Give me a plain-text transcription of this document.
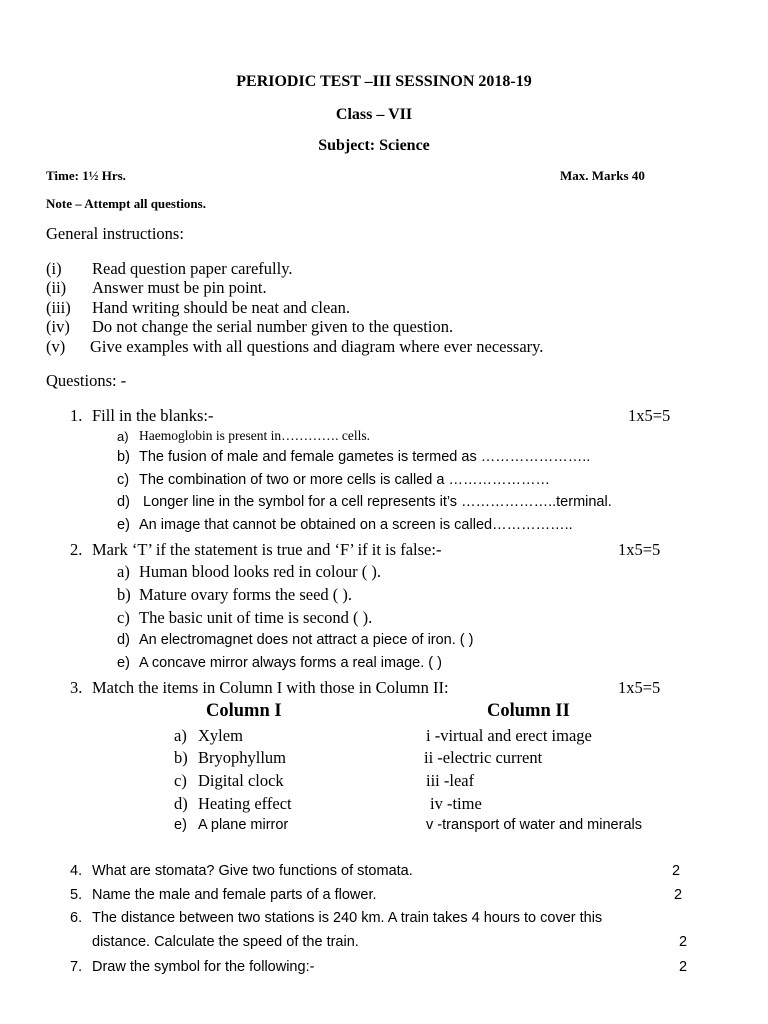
PERIODIC TEST –III SESSINON 2018-19
Class – VII
Subject: Science
Time: 1½ Hrs.	Max. Marks 40
Note – Attempt all questions.
General instructions:
(i) Read question paper carefully.
(ii) Answer must be pin point.
(iii) Hand writing should be neat and clean.
(iv) Do not change the serial number given to the question.
(v) Give examples with all questions and diagram where ever necessary.
Questions: -
1. Fill in the blanks:-	1x5=5
a) Haemoglobin is present in…………. cells.
b) The fusion of male and female gametes is termed as …………………..
c) The combination of two or more cells is called a …………………
d) Longer line in the symbol for a cell represents it’s ………………..terminal.
e) An image that cannot be obtained on a screen is called……………..
2. Mark ‘T’ if the statement is true and ‘F’ if it is false:-	1x5=5
a) Human blood looks red in colour ( ).
b) Mature ovary forms the seed ( ).
c) The basic unit of time is second ( ).
d) An electromagnet does not attract a piece of iron. ( )
e) A concave mirror always forms a real image. ( )
3. Match the items in Column I with those in Column II:	1x5=5
Column I	Column II
a) Xylem	i -virtual and erect image
b) Bryophyllum	ii -electric current
c) Digital clock	iii -leaf
d) Heating effect	iv -time
e) A plane mirror	v -transport of water and minerals
4. What are stomata? Give two functions of stomata.	2
5. Name the male and female parts of a flower.	2
6. The distance between two stations is 240 km. A train takes 4 hours to cover this
distance. Calculate the speed of the train.	2
7. Draw the symbol for the following:-	2
